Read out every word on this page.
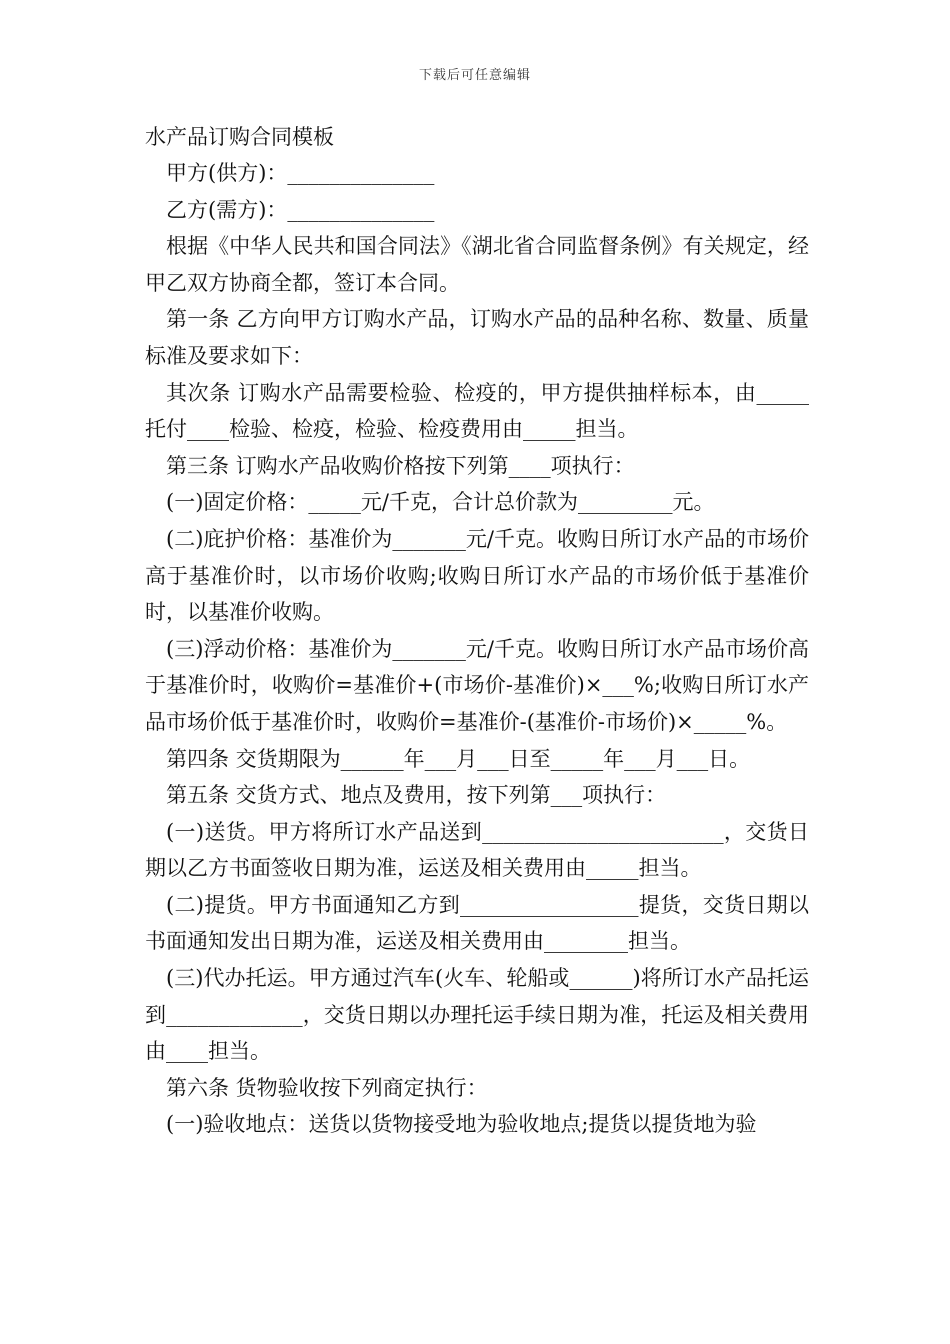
下载后可任意编辑

水产品订购合同模板

甲方(供方)：______________

乙方(需方)：______________

根据《中华人民共和国合同法》《湖北省合同监督条例》有关规定，经甲乙双方协商全都，签订本合同。

第一条 乙方向甲方订购水产品，订购水产品的品种名称、数量、质量标准及要求如下：

其次条 订购水产品需要检验、检疫的，甲方提供抽样标本，由_____托付____检验、检疫，检验、检疫费用由_____担当。

第三条 订购水产品收购价格按下列第____项执行：

(一)固定价格：_____元/千克，合计总价款为_________元。

(二)庇护价格：基准价为_______元/千克。收购日所订水产品的市场价高于基准价时，以市场价收购;收购日所订水产品的市场价低于基准价时，以基准价收购。

(三)浮动价格：基准价为_______元/千克。收购日所订水产品市场价高于基准价时，收购价=基准价+(市场价-基准价)×___%;收购日所订水产品市场价低于基准价时，收购价=基准价-(基准价-市场价)×_____%。

第四条 交货期限为______年___月___日至_____年___月___日。

第五条 交货方式、地点及费用，按下列第___项执行：

(一)送货。甲方将所订水产品送到_______________________，交货日期以乙方书面签收日期为准，运送及相关费用由_____担当。

(二)提货。甲方书面通知乙方到_________________提货，交货日期以书面通知发出日期为准，运送及相关费用由________担当。

(三)代办托运。甲方通过汽车(火车、轮船或______)将所订水产品托运到_____________，交货日期以办理托运手续日期为准，托运及相关费用由____担当。

第六条 货物验收按下列商定执行：

(一)验收地点：送货以货物接受地为验收地点;提货以提货地为验
